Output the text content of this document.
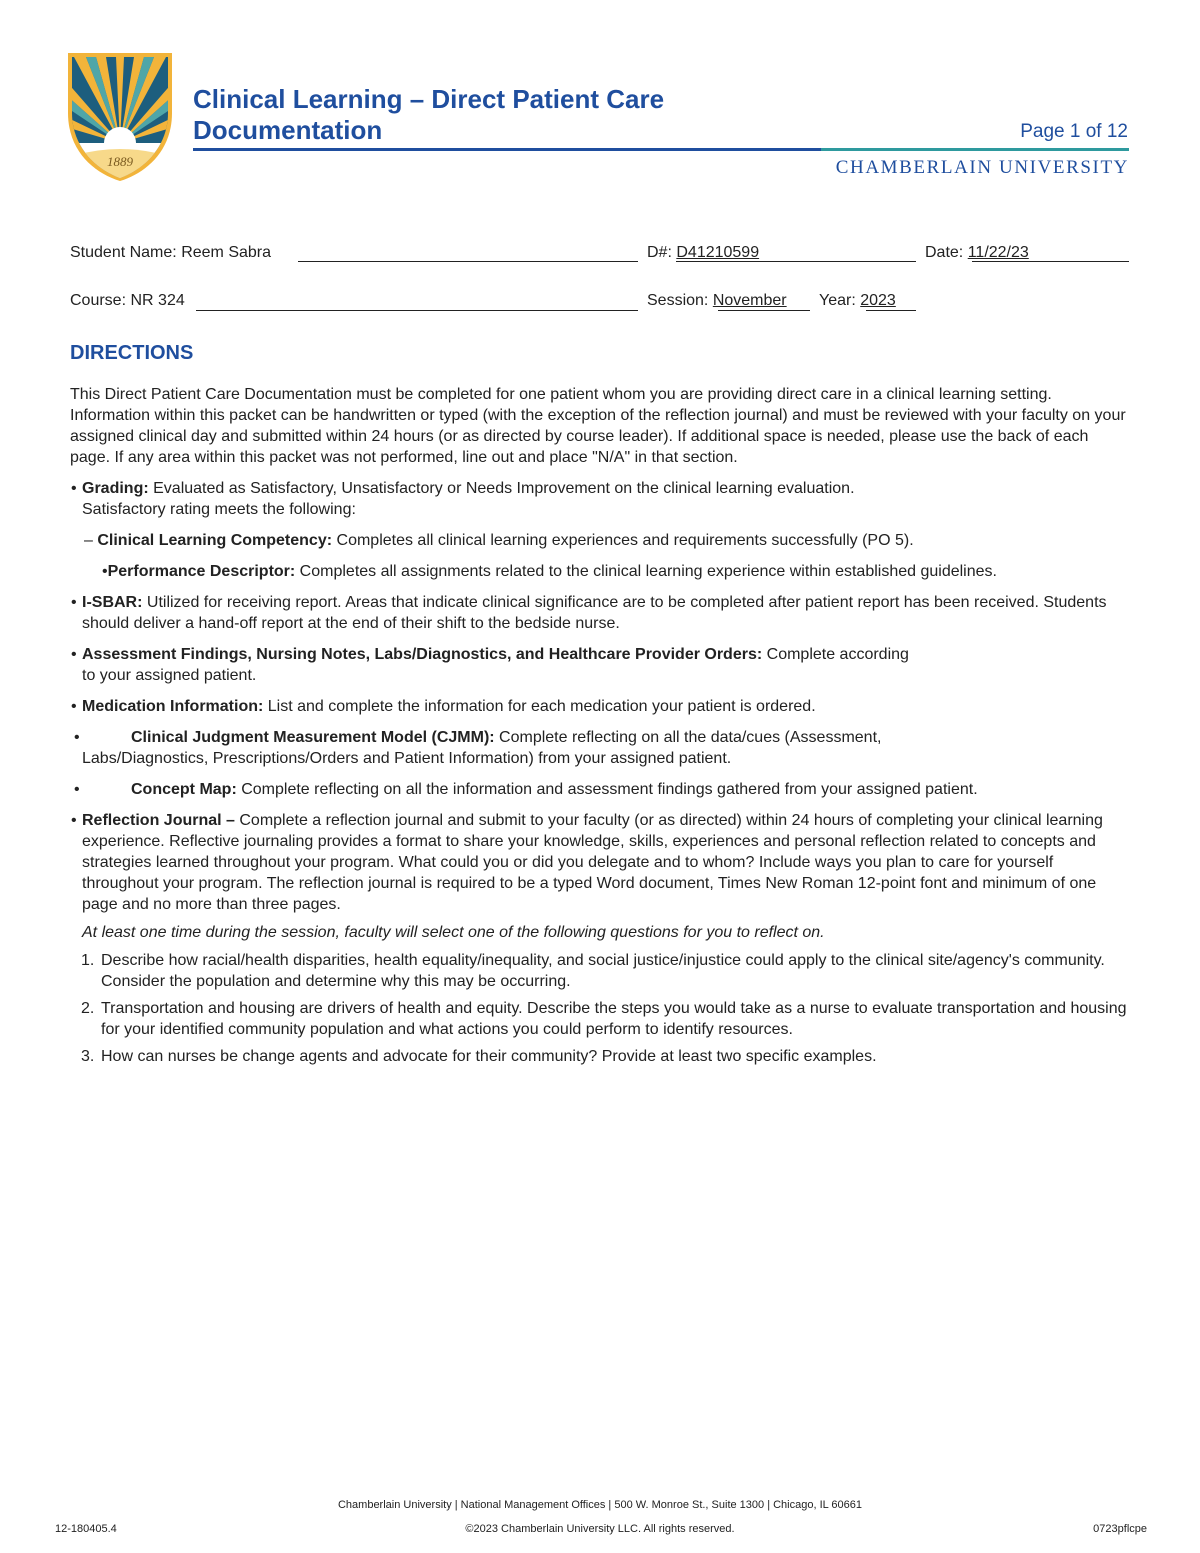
1889
Clinical Learning – Direct Patient Care
Documentation	Page 1 of 12
CHAMBERLAIN UNIVERSITY
Student Name: Reem Sabra	D#: D41210599	Date: 11/22/23
Course: NR 324	Session: November Year: 2023
DIRECTIONS

This Direct Patient Care Documentation must be completed for one patient whom you are providing direct care in a clinical learning setting. Information within this packet can be handwritten or typed (with the exception of the reflection journal) and must be reviewed with your faculty on your assigned clinical day and submitted within 24 hours (or as directed by course leader). If additional space is needed, please use the back of each page. If any area within this packet was not performed, line out and place "N/A" in that section.

• Grading: Evaluated as Satisfactory, Unsatisfactory or Needs Improvement on the clinical learning evaluation.
Satisfactory rating meets the following:
– Clinical Learning Competency: Completes all clinical learning experiences and requirements successfully (PO 5).
•Performance Descriptor: Completes all assignments related to the clinical learning experience within established guidelines.
• I-SBAR: Utilized for receiving report. Areas that indicate clinical significance are to be completed after patient report has been received. Students should deliver a hand-off report at the end of their shift to the bedside nurse.
• Assessment Findings, Nursing Notes, Labs/Diagnostics, and Healthcare Provider Orders: Complete according
to your assigned patient.
• Medication Information: List and complete the information for each medication your patient is ordered.
•	Clinical Judgment Measurement Model (CJMM): Complete reflecting on all the data/cues (Assessment,
Labs/Diagnostics, Prescriptions/Orders and Patient Information) from your assigned patient.
•	Concept Map: Complete reflecting on all the information and assessment findings gathered from your assigned patient.
• Reflection Journal – Complete a reflection journal and submit to your faculty (or as directed) within 24 hours of completing your clinical learning experience. Reflective journaling provides a format to share your knowledge, skills, experiences and personal reflection related to concepts and strategies learned throughout your program. What could you or did you delegate and to whom? Include ways you plan to care for yourself throughout your program. The reflection journal is required to be a typed Word document, Times New Roman 12-point font and minimum of one page and no more than three pages.
At least one time during the session, faculty will select one of the following questions for you to reflect on.
1. Describe how racial/health disparities, health equality/inequality, and social justice/injustice could apply to the clinical site/agency's community. Consider the population and determine why this may be occurring.
2. Transportation and housing are drivers of health and equity. Describe the steps you would take as a nurse to evaluate transportation and housing for your identified community population and what actions you could perform to identify resources.
3. How can nurses be change agents and advocate for their community? Provide at least two specific examples.
Chamberlain University | National Management Offices | 500 W. Monroe St., Suite 1300 | Chicago, IL 60661
©2023 Chamberlain University LLC. All rights reserved.
12-180405.4	0723pflcpe
